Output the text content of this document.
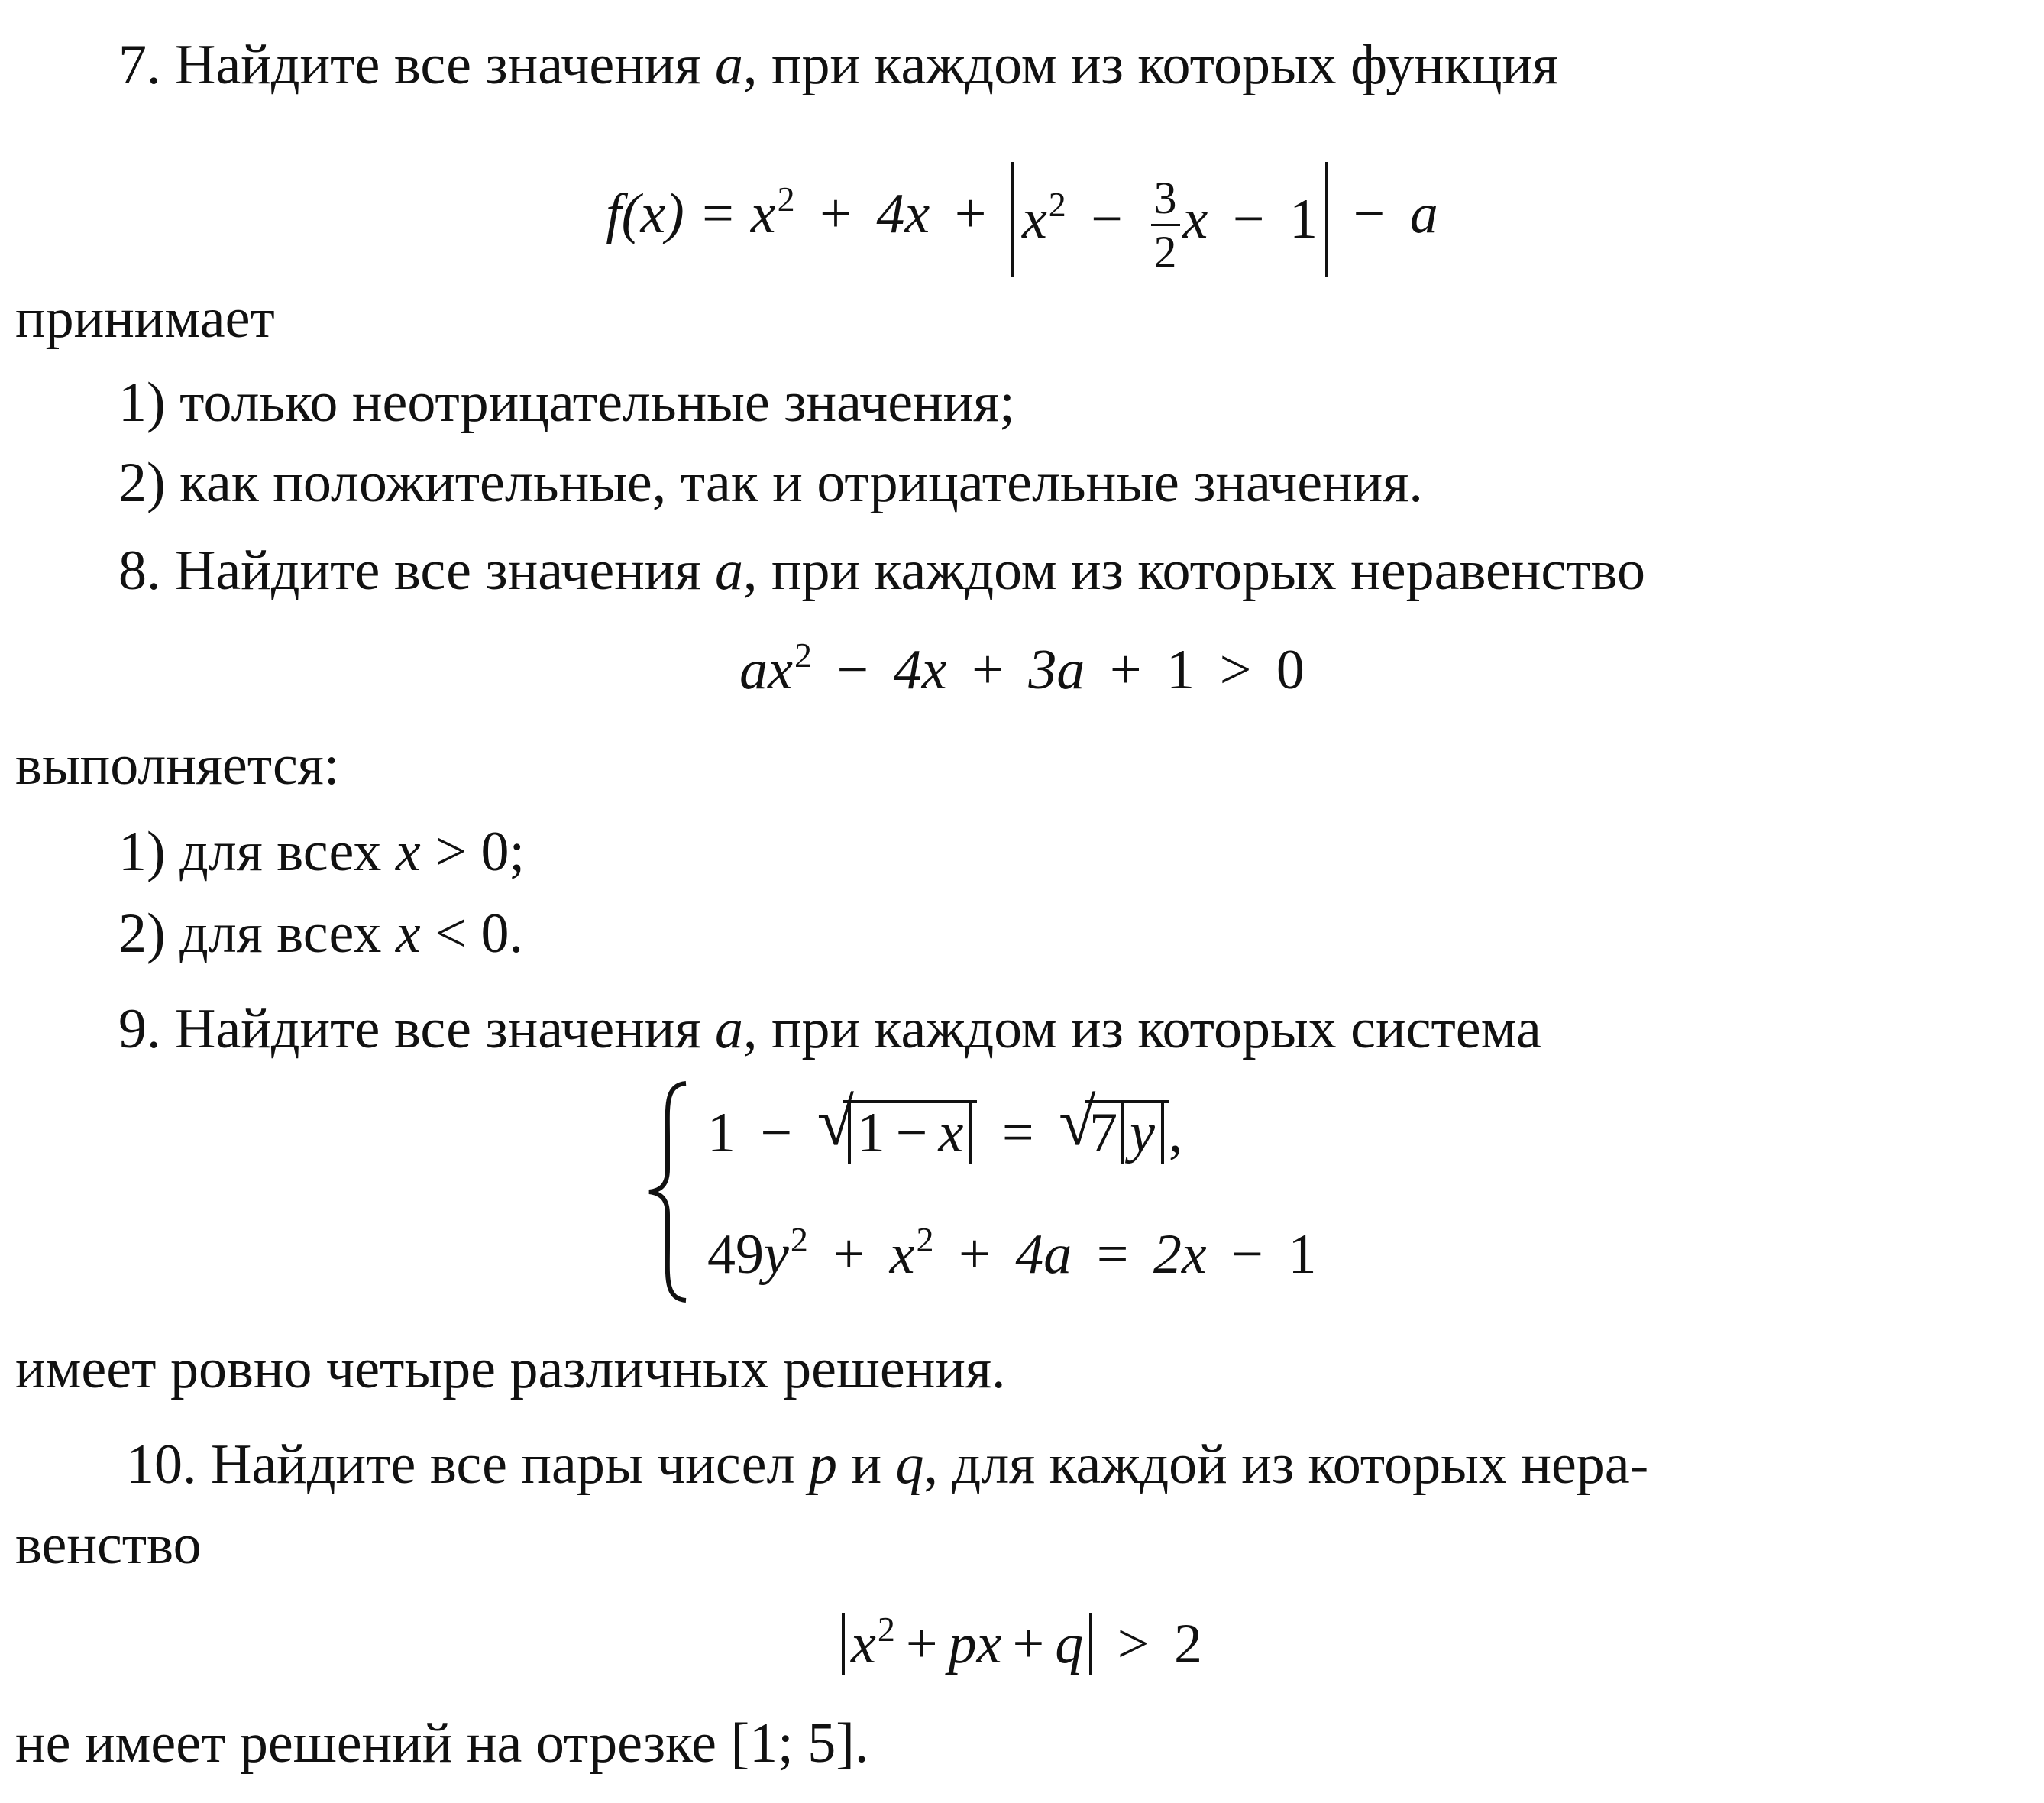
7. Найдите все значения a, при каждом из которых функция
$f(x) = x^2 + 4x + x^2 - \frac{3}{2}$ x − 1 − a
принимает
1) только неотрицательные значения;
2) как положительные, так и отрицательные значения.
8. Найдите все значения a, при каждом из которых неравенство
$ax^2 - 4x + 3a + 1 > 0$
выполняется:
1) для всех x > 0;
2) для всех x < 0.
9. Найдите все значения a, при каждом из которых система
1 − √ 1 − x = √
7 y ,
$49y^2 + x^2 + 4a = 2x - 1$
имеет ровно четыре различных решения.
10. Найдите все пары чисел p и q, для каждой из которых нера-
венство
$x^2$ + px + q > 2
не имеет решений на отрезке [1; 5].
